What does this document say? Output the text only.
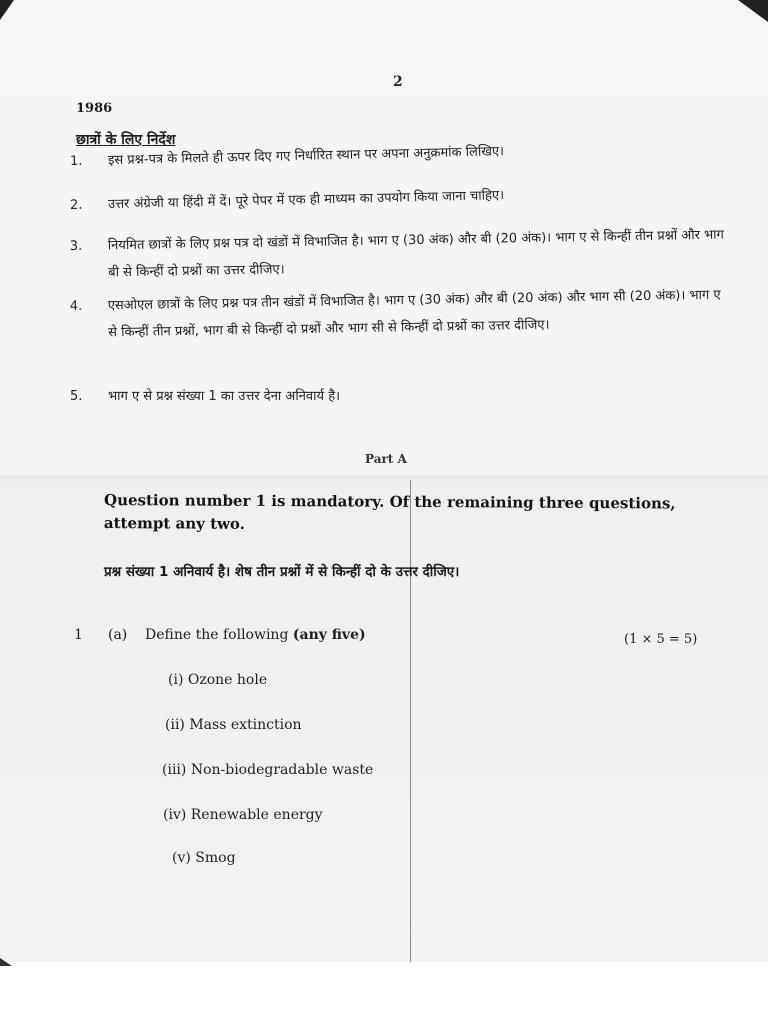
2
1986
छात्रों के लिए निर्देश
1.	इस प्रश्न-पत्र के मिलते ही ऊपर दिए गए निर्धारित स्थान पर अपना अनुक्रमांक लिखिए।
2.	उत्तर अंग्रेजी या हिंदी में दें। पूरे पेपर में एक ही माध्यम का उपयोग किया जाना चाहिए।
3.	नियमित छात्रों के लिए प्रश्न पत्र दो खंडों में विभाजित है। भाग ए (30 अंक) और बी (20 अंक)। भाग ए से किन्हीं तीन प्रश्नों और भाग बी से किन्हीं दो प्रश्नों का उत्तर दीजिए।
4.	एसओएल छात्रों के लिए प्रश्न पत्र तीन खंडों में विभाजित है। भाग ए (30 अंक) और बी (20 अंक) और भाग सी (20 अंक)। भाग ए से किन्हीं तीन प्रश्नों, भाग बी से किन्हीं दो प्रश्नों और भाग सी से किन्हीं दो प्रश्नों का उत्तर दीजिए।
5.	भाग ए से प्रश्न संख्या 1 का उत्तर देना अनिवार्य है।
Part A
Question number 1 is mandatory. Of the remaining three questions, attempt any two.
प्रश्न संख्या 1 अनिवार्य है। शेष तीन प्रश्नों में से किन्हीं दो के उत्तर दीजिए।
1 (a) Define the following (any five)	(1 × 5 = 5)
(i) Ozone hole
(ii) Mass extinction
(iii) Non-biodegradable waste
(iv) Renewable energy
(v) Smog
